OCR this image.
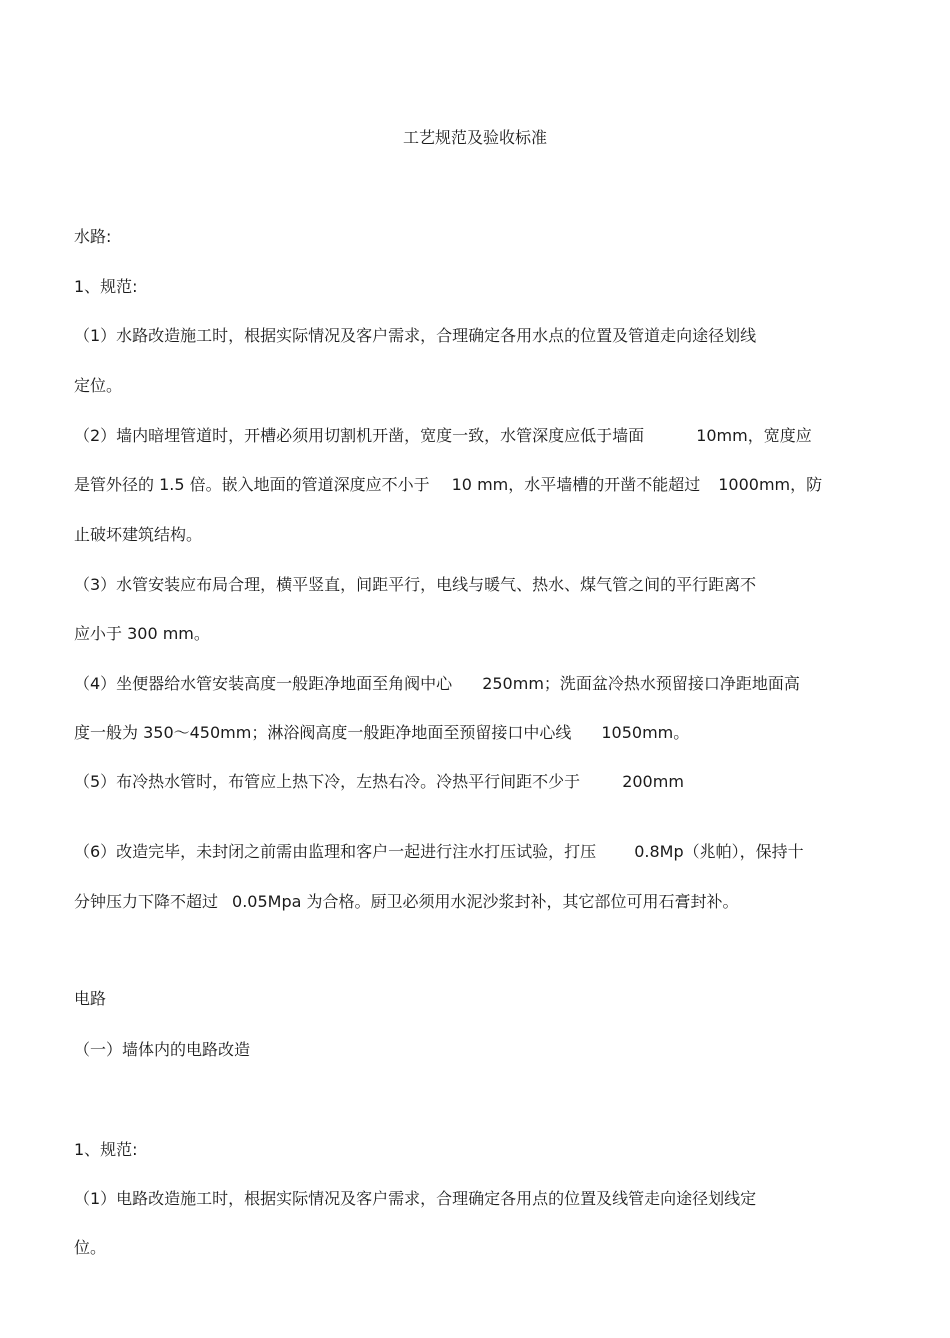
工艺规范及验收标准
水路:
1、规范:
（1）水路改造施工时，根据实际情况及客户需求，合理确定各用水点的位置及管道走向途径划线
定位。
（2）墙内暗埋管道时，开槽必须用切割机开凿，宽度一致，水管深度应低于墙面	10mm，宽度应
是管外径的 1.5 倍。嵌入地面的管道深度应不小于 10 mm，水平墙槽的开凿不能超过 1000mm，防
止破坏建筑结构。
（3）水管安装应布局合理，横平竖直，间距平行，电线与暖气、热水、煤气管之间的平行距离不
应小于 300 mm。
（4）坐便器给水管安装高度一般距净地面至角阀中心 250mm；洗面盆冷热水预留接口净距地面高
度一般为 350～450mm；淋浴阀高度一般距净地面至预留接口中心线 1050mm。
（5）布冷热水管时，布管应上热下冷，左热右冷。冷热平行间距不少于	200mm
（6）改造完毕，未封闭之前需由监理和客户一起进行注水打压试验，打压 0.8Mp（兆帕），保持十
分钟压力下降不超过 0.05Mpa 为合格。厨卫必须用水泥沙浆封补，其它部位可用石膏封补。
电路
（一）墙体内的电路改造
1、规范:
（1）电路改造施工时，根据实际情况及客户需求，合理确定各用点的位置及线管走向途径划线定
位。
